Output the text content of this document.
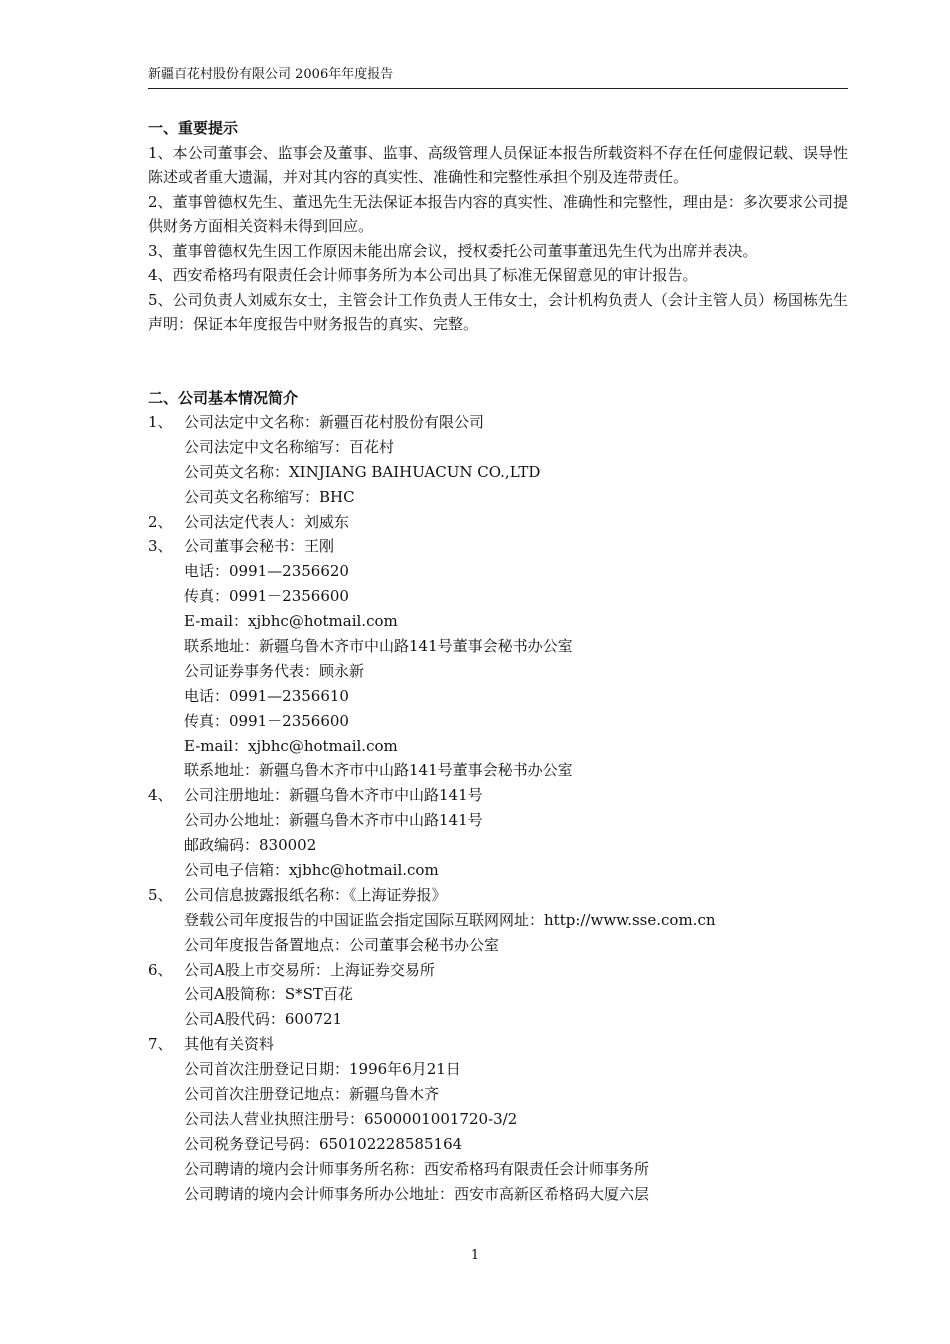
新疆百花村股份有限公司 2006年年度报告
一、重要提示

1、本公司董事会、监事会及董事、监事、高级管理人员保证本报告所载资料不存在任何虚假记载、误导性陈述或者重大遗漏，并对其内容的真实性、准确性和完整性承担个别及连带责任。

2、董事曾德权先生、董迅先生无法保证本报告内容的真实性、准确性和完整性，理由是：多次要求公司提供财务方面相关资料未得到回应。

3、董事曾德权先生因工作原因未能出席会议，授权委托公司董事董迅先生代为出席并表决。

4、西安希格玛有限责任会计师事务所为本公司出具了标准无保留意见的审计报告。

5、公司负责人刘威东女士，主管会计工作负责人王伟女士，会计机构负责人（会计主管人员）杨国栋先生声明：保证本年度报告中财务报告的真实、完整。

二、公司基本情况简介
1、 公司法定中文名称：新疆百花村股份有限公司
公司法定中文名称缩写：百花村
公司英文名称：XINJIANG BAIHUACUN CO.,LTD
公司英文名称缩写：BHC
2、 公司法定代表人：刘威东
3、 公司董事会秘书：王刚
电话：0991—2356620
传真：0991－2356600
E-mail：xjbhc@hotmail.com
联系地址：新疆乌鲁木齐市中山路141号董事会秘书办公室
公司证券事务代表：顾永新
电话：0991—2356610
传真：0991－2356600
E-mail：xjbhc@hotmail.com
联系地址：新疆乌鲁木齐市中山路141号董事会秘书办公室
4、 公司注册地址：新疆乌鲁木齐市中山路141号
公司办公地址：新疆乌鲁木齐市中山路141号
邮政编码：830002
公司电子信箱：xjbhc@hotmail.com
5、 公司信息披露报纸名称：《上海证券报》
登载公司年度报告的中国证监会指定国际互联网网址：http://www.sse.com.cn
公司年度报告备置地点：公司董事会秘书办公室
6、 公司A股上市交易所：上海证券交易所
公司A股简称：S*ST百花
公司A股代码：600721
7、 其他有关资料
公司首次注册登记日期：1996年6月21日
公司首次注册登记地点：新疆乌鲁木齐
公司法人营业执照注册号：6500001001720-3/2
公司税务登记号码：650102228585164
公司聘请的境内会计师事务所名称：西安希格玛有限责任会计师事务所
公司聘请的境内会计师事务所办公地址：西安市高新区希格码大厦六层
1
